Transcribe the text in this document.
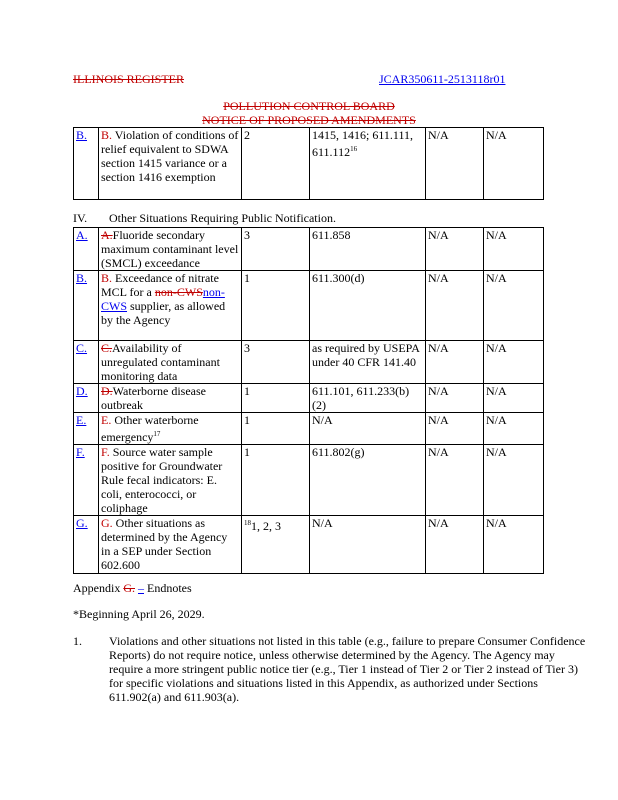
ILLINOIS REGISTER	JCAR350611-2513118r01
POLLUTION CONTROL BOARD
NOTICE OF PROPOSED AMENDMENTS
B.	B. Violation of conditions of relief equivalent to SDWA section 1415 variance or a section 1416 exemption	2	1415, 1416; 611.111, 611.112$^{16}$	N/A	N/A
IV. Other Situations Requiring Public Notification.
A.	A.Fluoride secondary maximum contaminant level (SMCL) exceedance	3	611.858	N/A	N/A
B.	B. Exceedance of nitrate MCL for a non-CWSnon-CWS supplier, as allowed by the Agency	1	611.300(d)	N/A	N/A
C.	C.Availability of unregulated contaminant monitoring data	3	as required by USEPA under 40 CFR 141.40	N/A	N/A
D.	D.Waterborne disease outbreak	1	611.101, 611.233(b)(2)	N/A	N/A
E.	E. Other waterborne emergency$^{17}$	1	N/A	N/A	N/A
F.	F. Source water sample positive for Groundwater Rule fecal indicators: E. coli, enterococci, or coliphage	1	611.802(g)	N/A	N/A
G.	G. Other situations as determined by the Agency in a SEP under Section 602.600	$^{18}$1, 2, 3	N/A	N/A	N/A
Appendix G. – Endnotes
*Beginning April 26, 2029.
1. Violations and other situations not listed in this table (e.g., failure to prepare Consumer Confidence Reports) do not require notice, unless otherwise determined by the Agency. The Agency may require a more stringent public notice tier (e.g., Tier 1 instead of Tier 2 or Tier 2 instead of Tier 3) for specific violations and situations listed in this Appendix, as authorized under Sections 611.902(a) and 611.903(a).
